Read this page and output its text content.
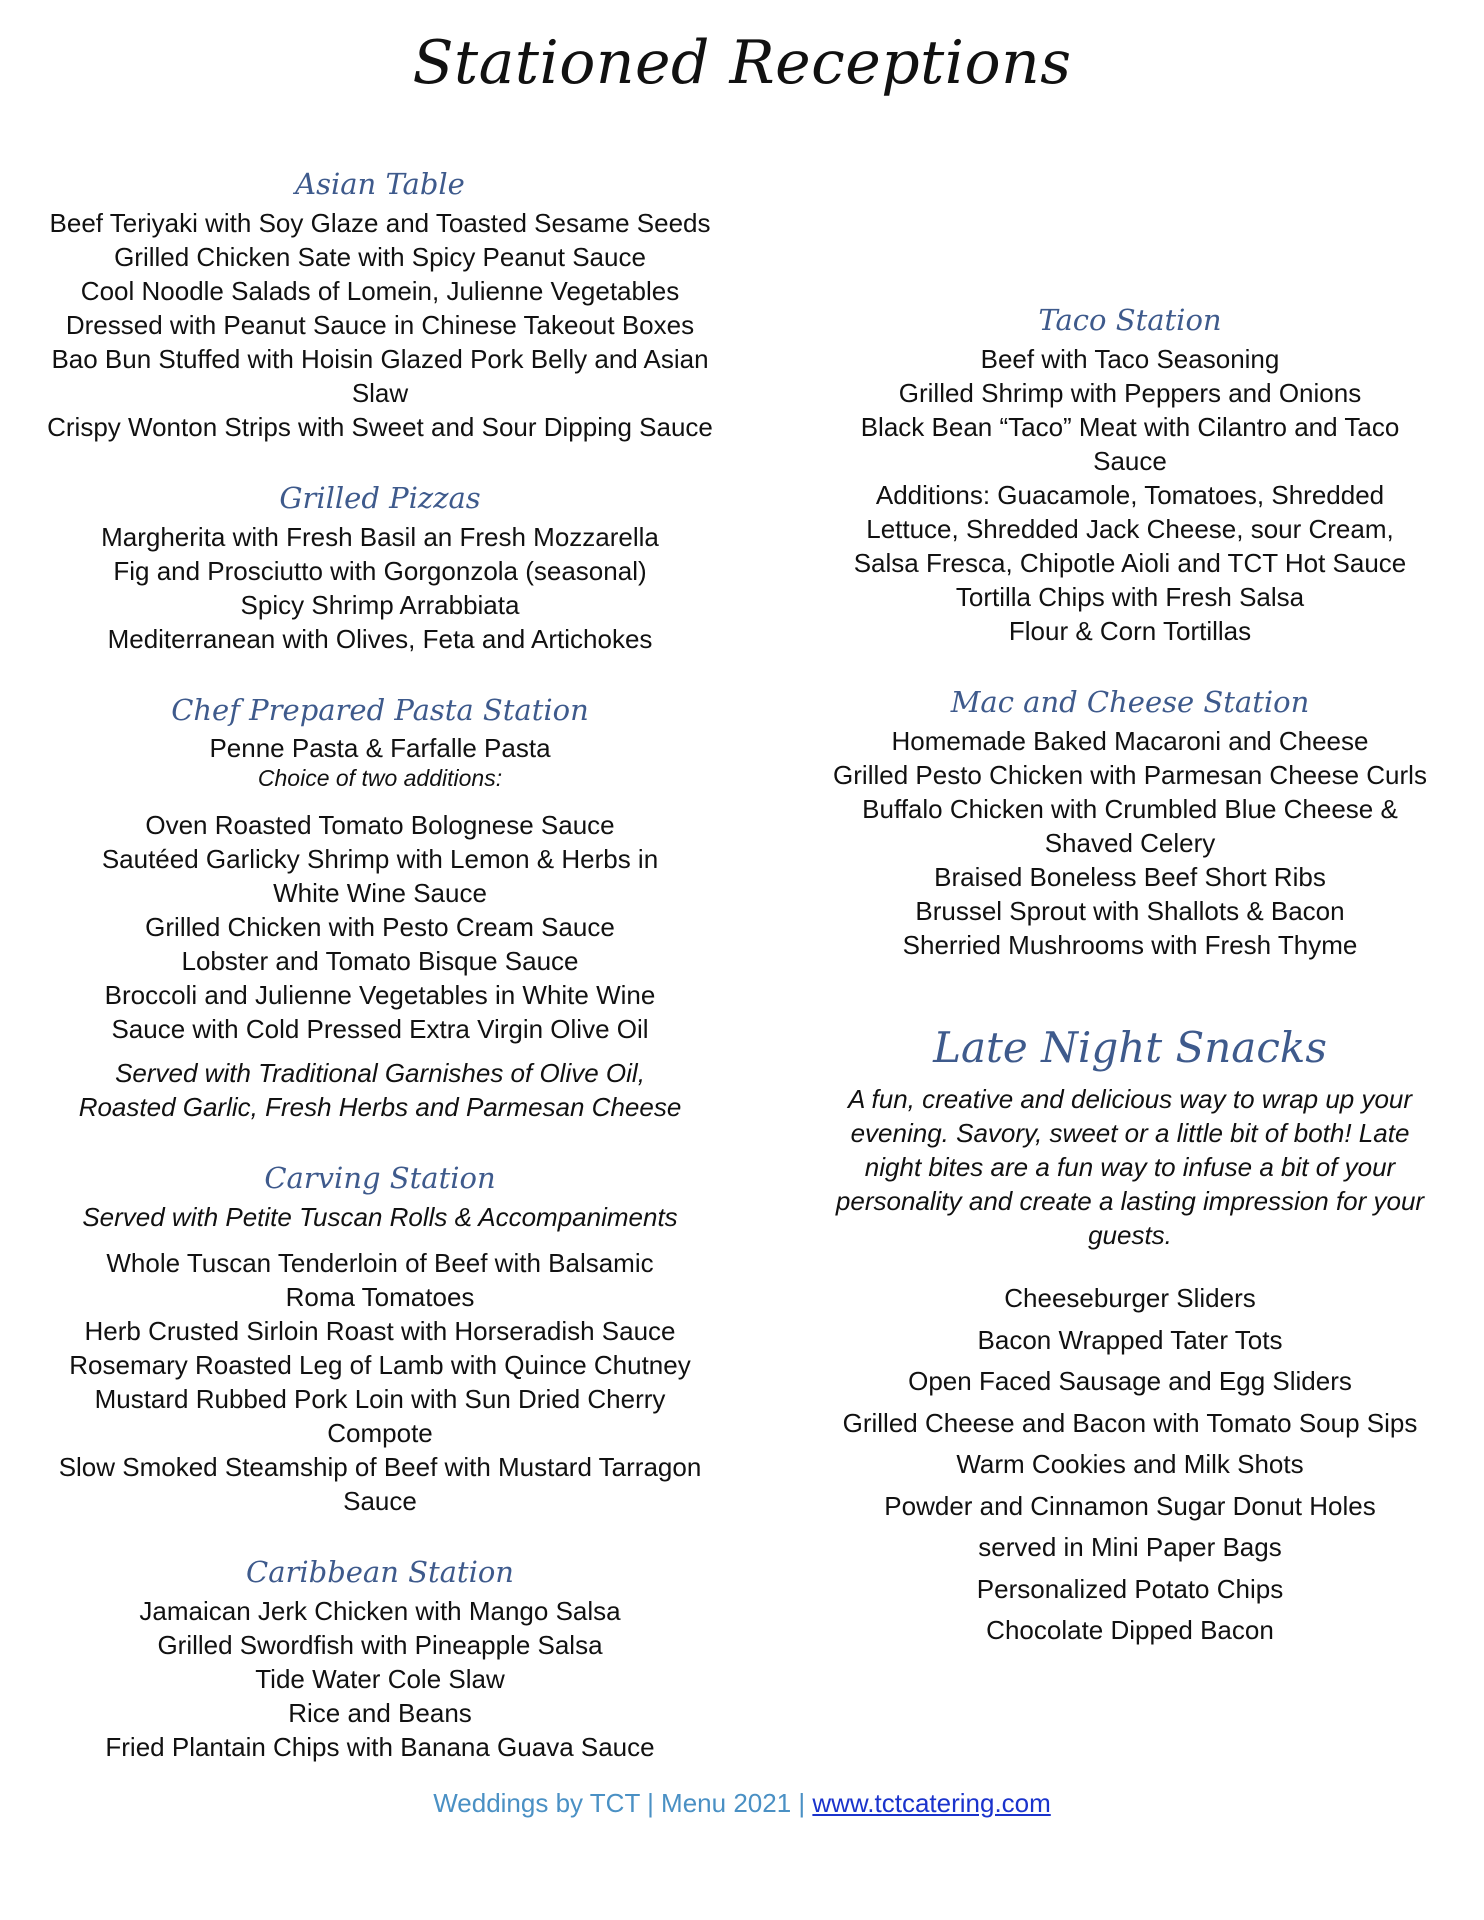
Stationed Receptions
Asian Table
Beef Teriyaki with Soy Glaze and Toasted Sesame Seeds
Grilled Chicken Sate with Spicy Peanut Sauce
Cool Noodle Salads of Lomein, Julienne Vegetables Dressed with Peanut Sauce in Chinese Takeout Boxes
Bao Bun Stuffed with Hoisin Glazed Pork Belly and Asian Slaw
Crispy Wonton Strips with Sweet and Sour Dipping Sauce
Grilled Pizzas
Margherita with Fresh Basil an Fresh Mozzarella
Fig and Prosciutto with Gorgonzola (seasonal)
Spicy Shrimp Arrabbiata
Mediterranean with Olives, Feta and Artichokes
Chef Prepared Pasta Station
Penne Pasta & Farfalle Pasta
Choice of two additions:
Oven Roasted Tomato Bolognese Sauce
Sautéed Garlicky Shrimp with Lemon & Herbs in White Wine Sauce
Grilled Chicken with Pesto Cream Sauce
Lobster and Tomato Bisque Sauce
Broccoli and Julienne Vegetables in White Wine Sauce with Cold Pressed Extra Virgin Olive Oil
Served with Traditional Garnishes of Olive Oil, Roasted Garlic, Fresh Herbs and Parmesan Cheese
Carving Station
Served with Petite Tuscan Rolls & Accompaniments
Whole Tuscan Tenderloin of Beef with Balsamic Roma Tomatoes
Herb Crusted Sirloin Roast with Horseradish Sauce
Rosemary Roasted Leg of Lamb with Quince Chutney
Mustard Rubbed Pork Loin with Sun Dried Cherry Compote
Slow Smoked Steamship of Beef with Mustard Tarragon Sauce
Caribbean Station
Jamaican Jerk Chicken with Mango Salsa
Grilled Swordfish with Pineapple Salsa
Tide Water Cole Slaw
Rice and Beans
Fried Plantain Chips with Banana Guava Sauce
Taco Station
Beef with Taco Seasoning
Grilled Shrimp with Peppers and Onions
Black Bean “Taco” Meat with Cilantro and Taco Sauce
Additions: Guacamole, Tomatoes, Shredded Lettuce, Shredded Jack Cheese, sour Cream, Salsa Fresca, Chipotle Aioli and TCT Hot Sauce
Tortilla Chips with Fresh Salsa
Flour & Corn Tortillas
Mac and Cheese Station
Homemade Baked Macaroni and Cheese
Grilled Pesto Chicken with Parmesan Cheese Curls
Buffalo Chicken with Crumbled Blue Cheese & Shaved Celery
Braised Boneless Beef Short Ribs
Brussel Sprout with Shallots & Bacon
Sherried Mushrooms with Fresh Thyme
Late Night Snacks
A fun, creative and delicious way to wrap up your evening. Savory, sweet or a little bit of both! Late night bites are a fun way to infuse a bit of your personality and create a lasting impression for your guests.
Cheeseburger Sliders
Bacon Wrapped Tater Tots
Open Faced Sausage and Egg Sliders
Grilled Cheese and Bacon with Tomato Soup Sips
Warm Cookies and Milk Shots
Powder and Cinnamon Sugar Donut Holes served in Mini Paper Bags
Personalized Potato Chips
Chocolate Dipped Bacon
Weddings by TCT | Menu 2021 | www.tctcatering.com
